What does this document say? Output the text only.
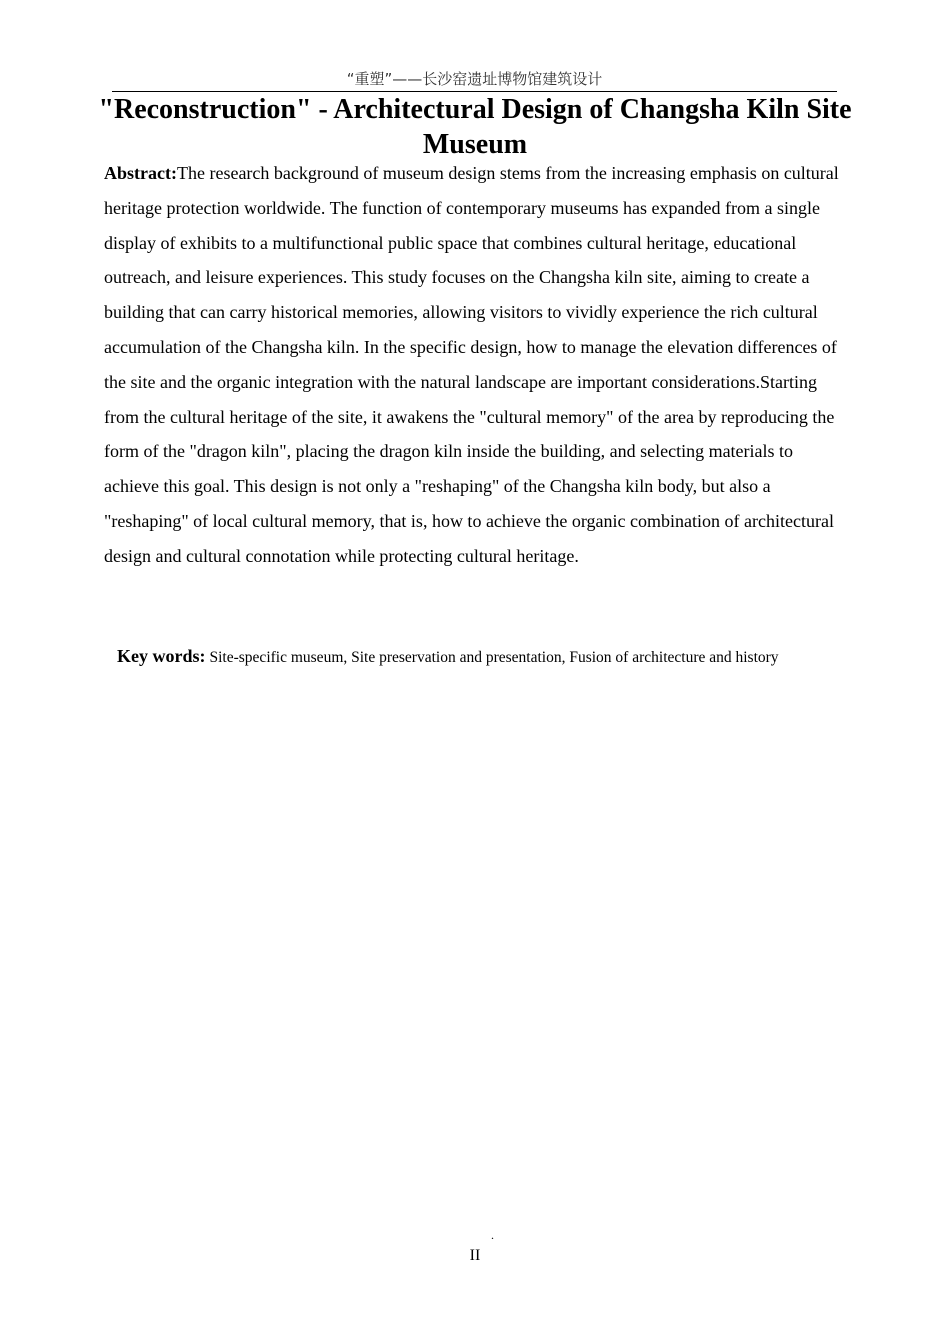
“重塑”——长沙窑遗址博物馆建筑设计
"Reconstruction" - Architectural Design of Changsha Kiln Site Museum

Abstract:The research background of museum design stems from the increasing emphasis on cultural heritage protection worldwide. The function of contemporary museums has expanded from a single display of exhibits to a multifunctional public space that combines cultural heritage, educational outreach, and leisure experiences. This study focuses on the Changsha kiln site, aiming to create a building that can carry historical memories, allowing visitors to vividly experience the rich cultural accumulation of the Changsha kiln. In the specific design, how to manage the elevation differences of the site and the organic integration with the natural landscape are important considerations.Starting from the cultural heritage of the site, it awakens the "cultural memory" of the area by reproducing the form of the "dragon kiln", placing the dragon kiln inside the building, and selecting materials to achieve this goal. This design is not only a "reshaping" of the Changsha kiln body, but also a "reshaping" of local cultural memory, that is, how to achieve the organic combination of architectural design and cultural connotation while protecting cultural heritage.

Key words: Site-specific museum, Site preservation and presentation, Fusion of architecture and history

.
II
